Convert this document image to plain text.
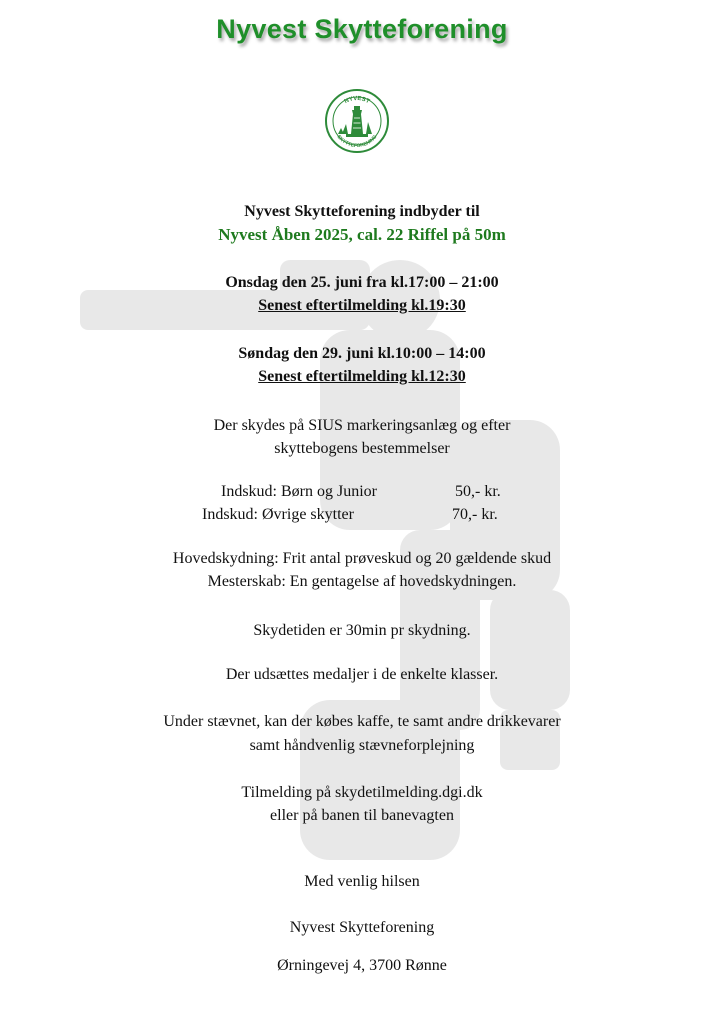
Nyvest Skytteforening
NYVEST
SKYTTEFORENING
Nyvest Skytteforening indbyder til
Nyvest Åben 2025, cal. 22 Riffel på 50m
Onsdag den 25. juni fra kl.17:00 – 21:00
Senest eftertilmelding kl.19:30
Søndag den 29. juni kl.10:00 – 14:00
Senest eftertilmelding kl.12:30
Der skydes på SIUS markeringsanlæg og efter
skyttebogens bestemmelser
Indskud: Børn og Junior	50,- kr.
Indskud: Øvrige skytter	70,- kr.
Hovedskydning: Frit antal prøveskud og 20 gældende skud
Mesterskab: En gentagelse af hovedskydningen.
Skydetiden er 30min pr skydning.
Der udsættes medaljer i de enkelte klasser.
Under stævnet, kan der købes kaffe, te samt andre drikkevarer
samt håndvenlig stævneforplejning
Tilmelding på skydetilmelding.dgi.dk
eller på banen til banevagten
Med venlig hilsen
Nyvest Skytteforening
Ørningevej 4, 3700 Rønne
